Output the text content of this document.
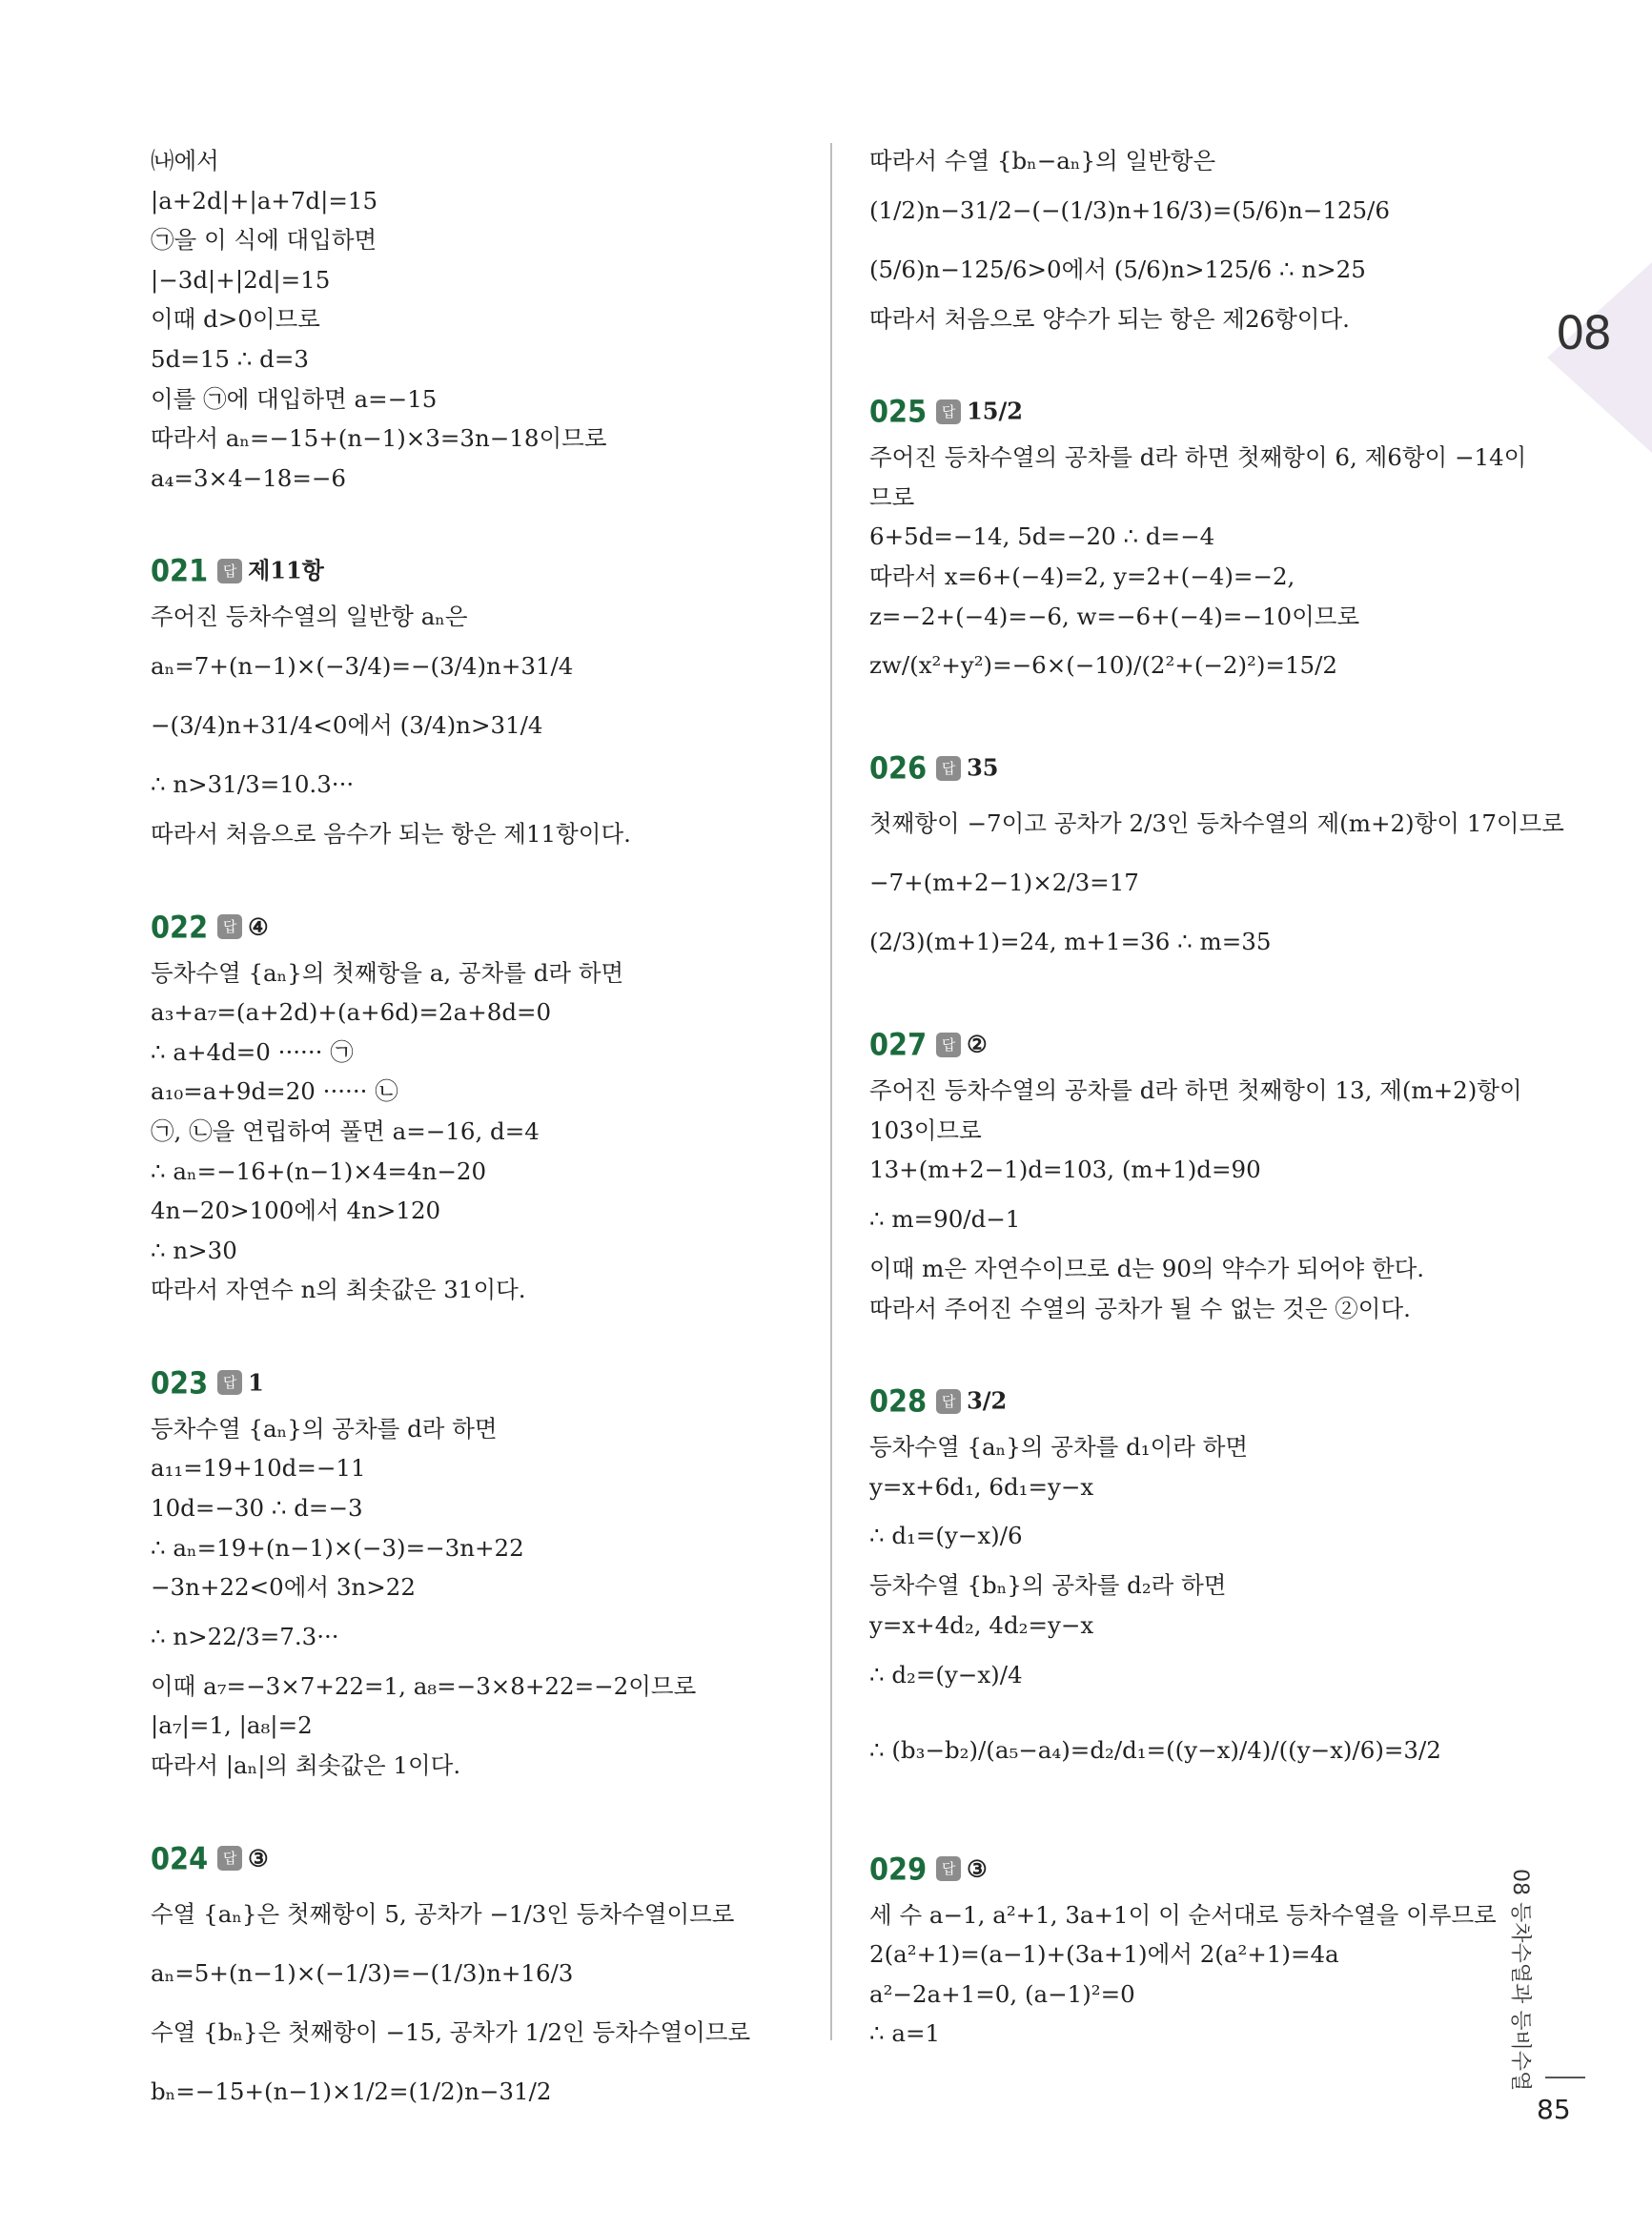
㈏에서
|a+2d|+|a+7d|=15
㉠을 이 식에 대입하면
|−3d|+|2d|=15
이때 d>0이므로
5d=15 ∴ d=3
이를 ㉠에 대입하면 a=−15
따라서 aₙ=−15+(n−1)×3=3n−18이므로
a₄=3×4−18=−6
021 답 제11항
주어진 등차수열의 일반항 aₙ은
aₙ=7+(n−1)×(−3/4)=−(3/4)n+31/4
−(3/4)n+31/4<0에서 (3/4)n>31/4
∴ n>31/3=10.3···
따라서 처음으로 음수가 되는 항은 제11항이다.
022 답 ④
등차수열 {aₙ}의 첫째항을 a, 공차를 d라 하면
a₃+a₇=(a+2d)+(a+6d)=2a+8d=0
∴ a+4d=0 ······ ㉠
a₁₀=a+9d=20 ······ ㉡
㉠, ㉡을 연립하여 풀면 a=−16, d=4
∴ aₙ=−16+(n−1)×4=4n−20
4n−20>100에서 4n>120
∴ n>30
따라서 자연수 n의 최솟값은 31이다.
023 답 1
등차수열 {aₙ}의 공차를 d라 하면
a₁₁=19+10d=−11
10d=−30 ∴ d=−3
∴ aₙ=19+(n−1)×(−3)=−3n+22
−3n+22<0에서 3n>22
∴ n>22/3=7.3···
이때 a₇=−3×7+22=1, a₈=−3×8+22=−2이므로
|a₇|=1, |a₈|=2
따라서 |aₙ|의 최솟값은 1이다.
024 답 ③
수열 {aₙ}은 첫째항이 5, 공차가 −1/3인 등차수열이므로
aₙ=5+(n−1)×(−1/3)=−(1/3)n+16/3
수열 {bₙ}은 첫째항이 −15, 공차가 1/2인 등차수열이므로
bₙ=−15+(n−1)×1/2=(1/2)n−31/2
따라서 수열 {bₙ−aₙ}의 일반항은
(1/2)n−31/2−(−(1/3)n+16/3)=(5/6)n−125/6
(5/6)n−125/6>0에서 (5/6)n>125/6 ∴ n>25
따라서 처음으로 양수가 되는 항은 제26항이다.
025 답 15/2
주어진 등차수열의 공차를 d라 하면 첫째항이 6, 제6항이 −14이
므로
6+5d=−14, 5d=−20 ∴ d=−4
따라서 x=6+(−4)=2, y=2+(−4)=−2,
z=−2+(−4)=−6, w=−6+(−4)=−10이므로
zw/(x²+y²)=−6×(−10)/(2²+(−2)²)=15/2
026 답 35
첫째항이 −7이고 공차가 2/3인 등차수열의 제(m+2)항이 17이므로
−7+(m+2−1)×2/3=17
(2/3)(m+1)=24, m+1=36 ∴ m=35
027 답 ②
주어진 등차수열의 공차를 d라 하면 첫째항이 13, 제(m+2)항이
103이므로
13+(m+2−1)d=103, (m+1)d=90
∴ m=90/d−1
이때 m은 자연수이므로 d는 90의 약수가 되어야 한다.
따라서 주어진 수열의 공차가 될 수 없는 것은 ②이다.
028 답 3/2
등차수열 {aₙ}의 공차를 d₁이라 하면
y=x+6d₁, 6d₁=y−x
∴ d₁=(y−x)/6
등차수열 {bₙ}의 공차를 d₂라 하면
y=x+4d₂, 4d₂=y−x
∴ d₂=(y−x)/4
∴ (b₃−b₂)/(a₅−a₄)=d₂/d₁=((y−x)/4)/((y−x)/6)=3/2
029 답 ③
세 수 a−1, a²+1, 3a+1이 이 순서대로 등차수열을 이루므로
2(a²+1)=(a−1)+(3a+1)에서 2(a²+1)=4a
a²−2a+1=0, (a−1)²=0
∴ a=1
08
08 등차수열과 등비수열
85
